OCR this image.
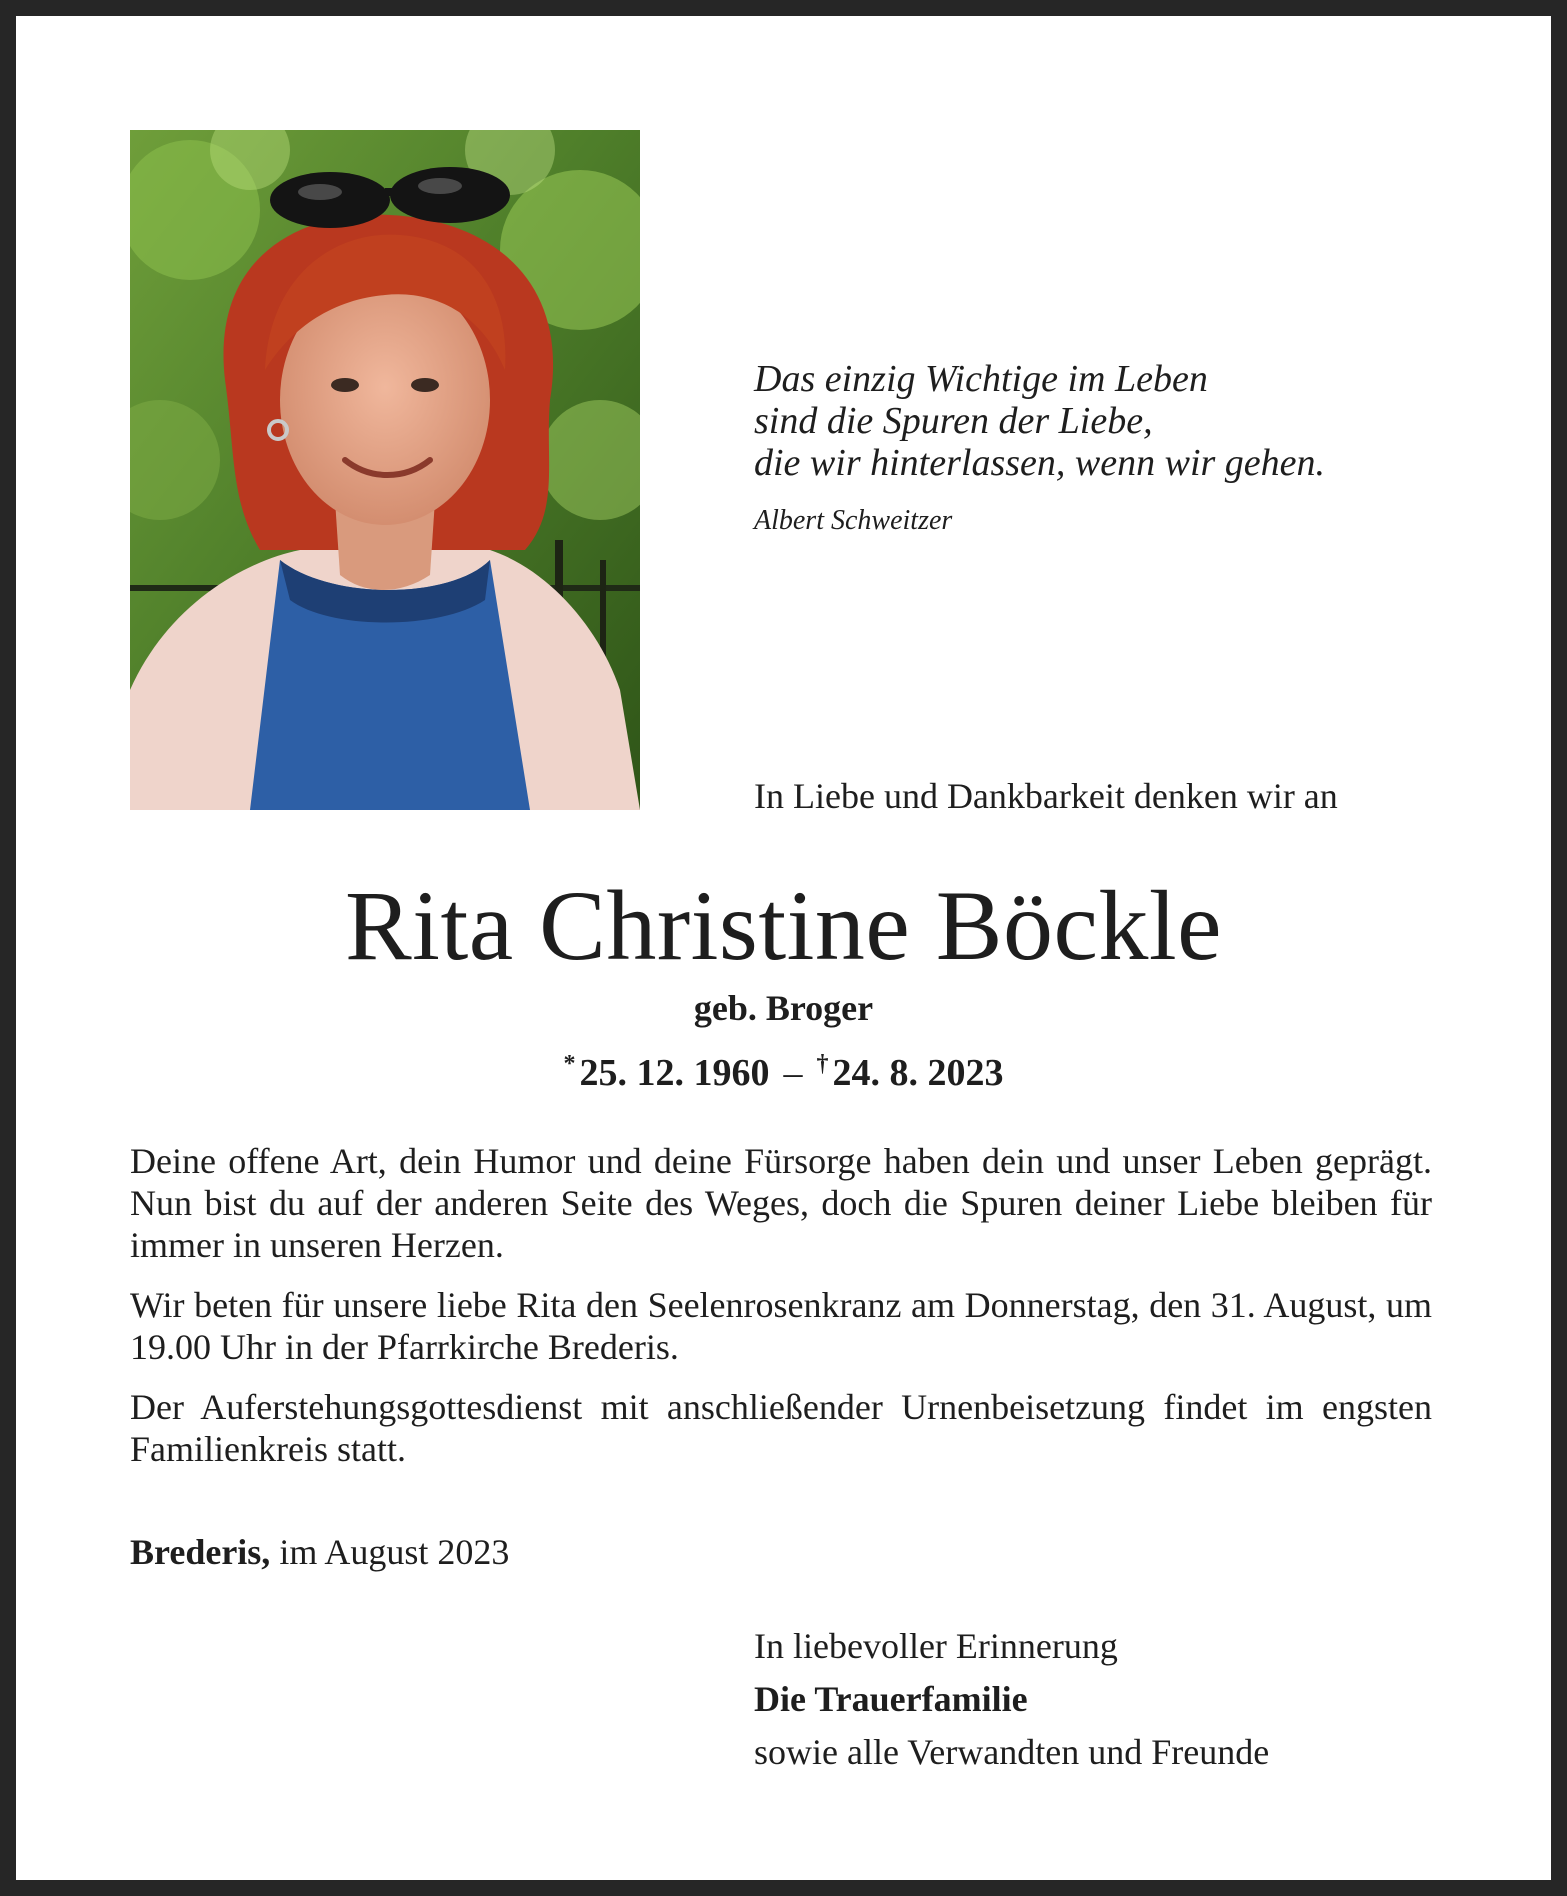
Das einzig Wichtige im Leben
sind die Spuren der Liebe,
die wir hinterlassen, wenn wir gehen.
Albert Schweitzer
In Liebe und Dankbarkeit denken wir an
Rita Christine Böckle
geb. Broger
* 25. 12. 1960 – † 24. 8. 2023

Deine offene Art, dein Humor und deine Fürsorge haben dein und unser Leben geprägt. Nun bist du auf der anderen Seite des Weges, doch die Spuren deiner Liebe bleiben für immer in unseren Herzen.

Wir beten für unsere liebe Rita den Seelenrosenkranz am Donnerstag, den 31. August, um 19.00 Uhr in der Pfarrkirche Brederis.

Der Auferstehungsgottesdienst mit anschließender Urnenbeisetzung findet im engsten Familienkreis statt.

Brederis, im August 2023
In liebevoller Erinnerung
Die Trauerfamilie
sowie alle Verwandten und Freunde
